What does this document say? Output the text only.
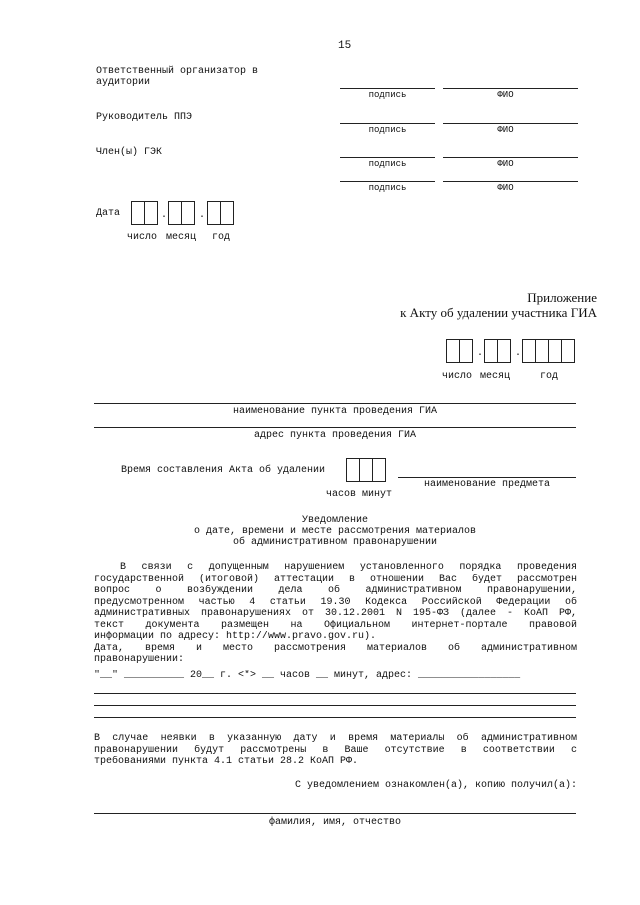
15
Ответственный организатор в
аудитории
подпись	ФИО
Руководитель ППЭ
подпись	ФИО
Член(ы) ГЭК
подпись	ФИО
подпись	ФИО
Дата	.	.
число месяц год
Приложение
к Акту об удалении участника ГИА
.	.
число месяц	год
наименование пункта проведения ГИА
адрес пункта проведения ГИА
Время составления Акта об удалении
часов минут
наименование предмета
Уведомление
о дате, времени и месте рассмотрения материалов
об административном правонарушении
В связи с допущенным нарушением установленного порядка проведения
государственной (итоговой) аттестации в отношении Вас будет рассмотрен
вопрос о возбуждении дела об административном правонарушении,
предусмотренном частью 4 статьи 19.30 Кодекса Российской Федерации об
административных правонарушениях от 30.12.2001 N 195-ФЗ (далее - КоАП РФ,
текст документа размещен на Официальном интернет-портале правовой
информации по адресу: http://www.pravo.gov.ru).
Дата, время и место рассмотрения материалов об административном
правонарушении:
"__" __________ 20__ г. <*> __ часов __ минут, адрес: _________________
В случае неявки в указанную дату и время материалы об административном
правонарушении будут рассмотрены в Ваше отсутствие в соответствии с
требованиями пункта 4.1 статьи 28.2 КоАП РФ.
С уведомлением ознакомлен(а), копию получил(а):
фамилия, имя, отчество
